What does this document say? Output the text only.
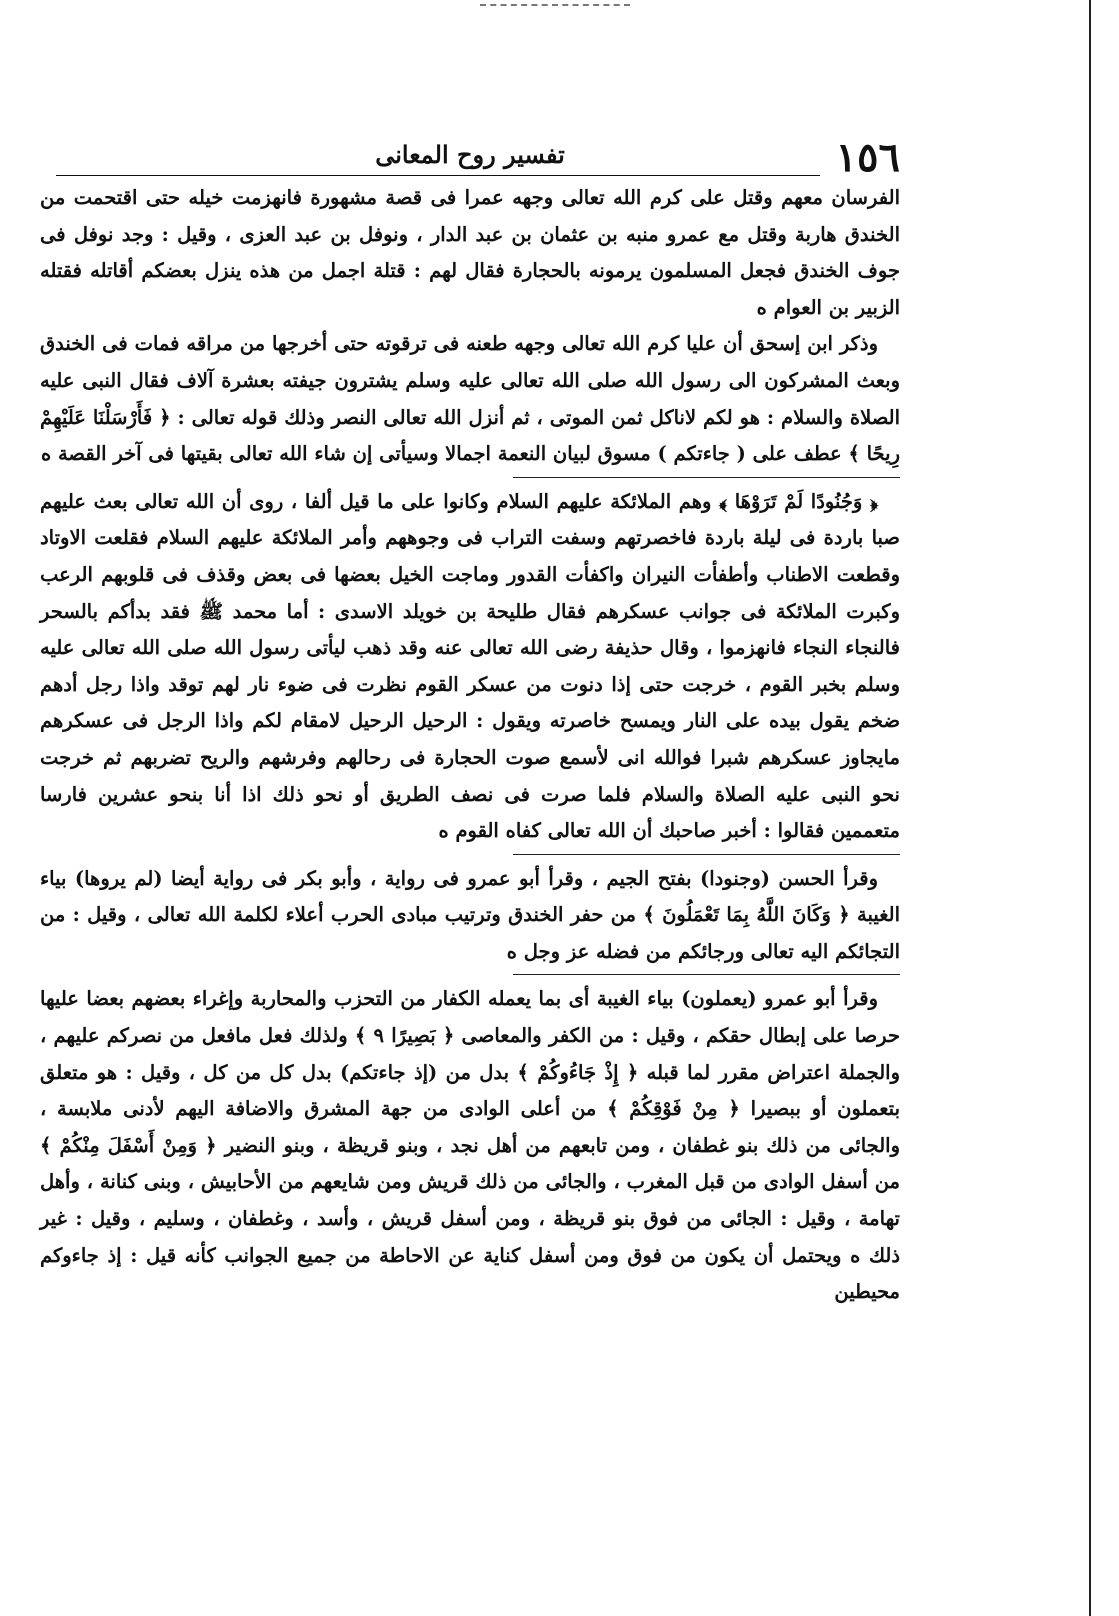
١٥٦
تفسير روح المعانى

الفرسان معهم وقتل على كرم الله تعالى وجهه عمرا فى قصة مشهورة فانهزمت خيله حتى اقتحمت من الخندق هاربة وقتل مع عمرو منبه بن عثمان بن عبد الدار ، ونوفل بن عبد العزى ، وقيل : وجد نوفل فى جوف الخندق فجعل المسلمون يرمونه بالحجارة فقال لهم : قتلة اجمل من هذه ينزل بعضكم أقاتله فقتله الزبير بن العوام ه

وذكر ابن إسحق أن عليا كرم الله تعالى وجهه طعنه فى ترقوته حتى أخرجها من مراقه فمات فى الخندق وبعث المشركون الى رسول الله صلى الله تعالى عليه وسلم يشترون جيفته بعشرة آلاف فقال النبى عليه الصلاة والسلام : هو لكم لاناكل ثمن الموتى ، ثم أنزل الله تعالى النصر وذلك قوله تعالى : ﴿ فَأَرْسَلْنَا عَلَيْهِمْ رِيحًا ﴾ عطف على ( جاءتكم ) مسوق لبيان النعمة اجمالا وسيأتى إن شاء الله تعالى بقيتها فى آخر القصة ه

﴿ وَجُنُودًا لَمْ تَرَوْهَا ﴾ وهم الملائكة عليهم السلام وكانوا على ما قيل ألفا ، روى أن الله تعالى بعث عليهم صبا باردة فى ليلة باردة فاخصرتهم وسفت التراب فى وجوههم وأمر الملائكة عليهم السلام فقلعت الاوتاد وقطعت الاطناب وأطفأت النيران واكفأت القدور وماجت الخيل بعضها فى بعض وقذف فى قلوبهم الرعب وكبرت الملائكة فى جوانب عسكرهم فقال طليحة بن خويلد الاسدى : أما محمد ﷺ فقد بدأكم بالسحر فالنجاء النجاء فانهزموا ، وقال حذيفة رضى الله تعالى عنه وقد ذهب ليأتى رسول الله صلى الله تعالى عليه وسلم بخبر القوم ، خرجت حتى إذا دنوت من عسكر القوم نظرت فى ضوء نار لهم توقد واذا رجل أدهم ضخم يقول بيده على النار ويمسح خاصرته ويقول : الرحيل الرحيل لامقام لكم واذا الرجل فى عسكرهم مايجاوز عسكرهم شبرا فوالله انى لأسمع صوت الحجارة فى رحالهم وفرشهم والريح تضربهم ثم خرجت نحو النبى عليه الصلاة والسلام فلما صرت فى نصف الطريق أو نحو ذلك اذا أنا بنحو عشرين فارسا متعممين فقالوا : أخبر صاحبك أن الله تعالى كفاه القوم ه

وقرأ الحسن (وجنودا) بفتح الجيم ، وقرأ أبو عمرو فى رواية ، وأبو بكر فى رواية أيضا (لم يروها) بياء الغيبة ﴿ وَكَانَ اللَّهُ بِمَا تَعْمَلُونَ ﴾ من حفر الخندق وترتيب مبادى الحرب أعلاء لكلمة الله تعالى ، وقيل : من التجائكم اليه تعالى ورجائكم من فضله عز وجل ه

وقرأ أبو عمرو (يعملون) بياء الغيبة أى بما يعمله الكفار من التحزب والمحاربة وإغراء بعضهم بعضا عليها حرصا على إبطال حقكم ، وقيل : من الكفر والمعاصى ﴿ بَصِيرًا ٩ ﴾ ولذلك فعل مافعل من نصركم عليهم ، والجملة اعتراض مقرر لما قبله ﴿ إِذْ جَاءُوكُمْ ﴾ بدل من (إذ جاءتكم) بدل كل من كل ، وقيل : هو متعلق بتعملون أو ببصيرا ﴿ مِنْ فَوْقِكُمْ ﴾ من أعلى الوادى من جهة المشرق والاضافة اليهم لأدنى ملابسة ، والجائى من ذلك بنو غطفان ، ومن تابعهم من أهل نجد ، وبنو قريظة ، وبنو النضير ﴿ وَمِنْ أَسْفَلَ مِنْكُمْ ﴾ من أسفل الوادى من قبل المغرب ، والجائى من ذلك قريش ومن شايعهم من الأحابيش ، وبنى كنانة ، وأهل تهامة ، وقيل : الجائى من فوق بنو قريظة ، ومن أسفل قريش ، وأسد ، وغطفان ، وسليم ، وقيل : غير ذلك ه ويحتمل أن يكون من فوق ومن أسفل كناية عن الاحاطة من جميع الجوانب كأنه قيل : إذ جاءوكم محيطين
